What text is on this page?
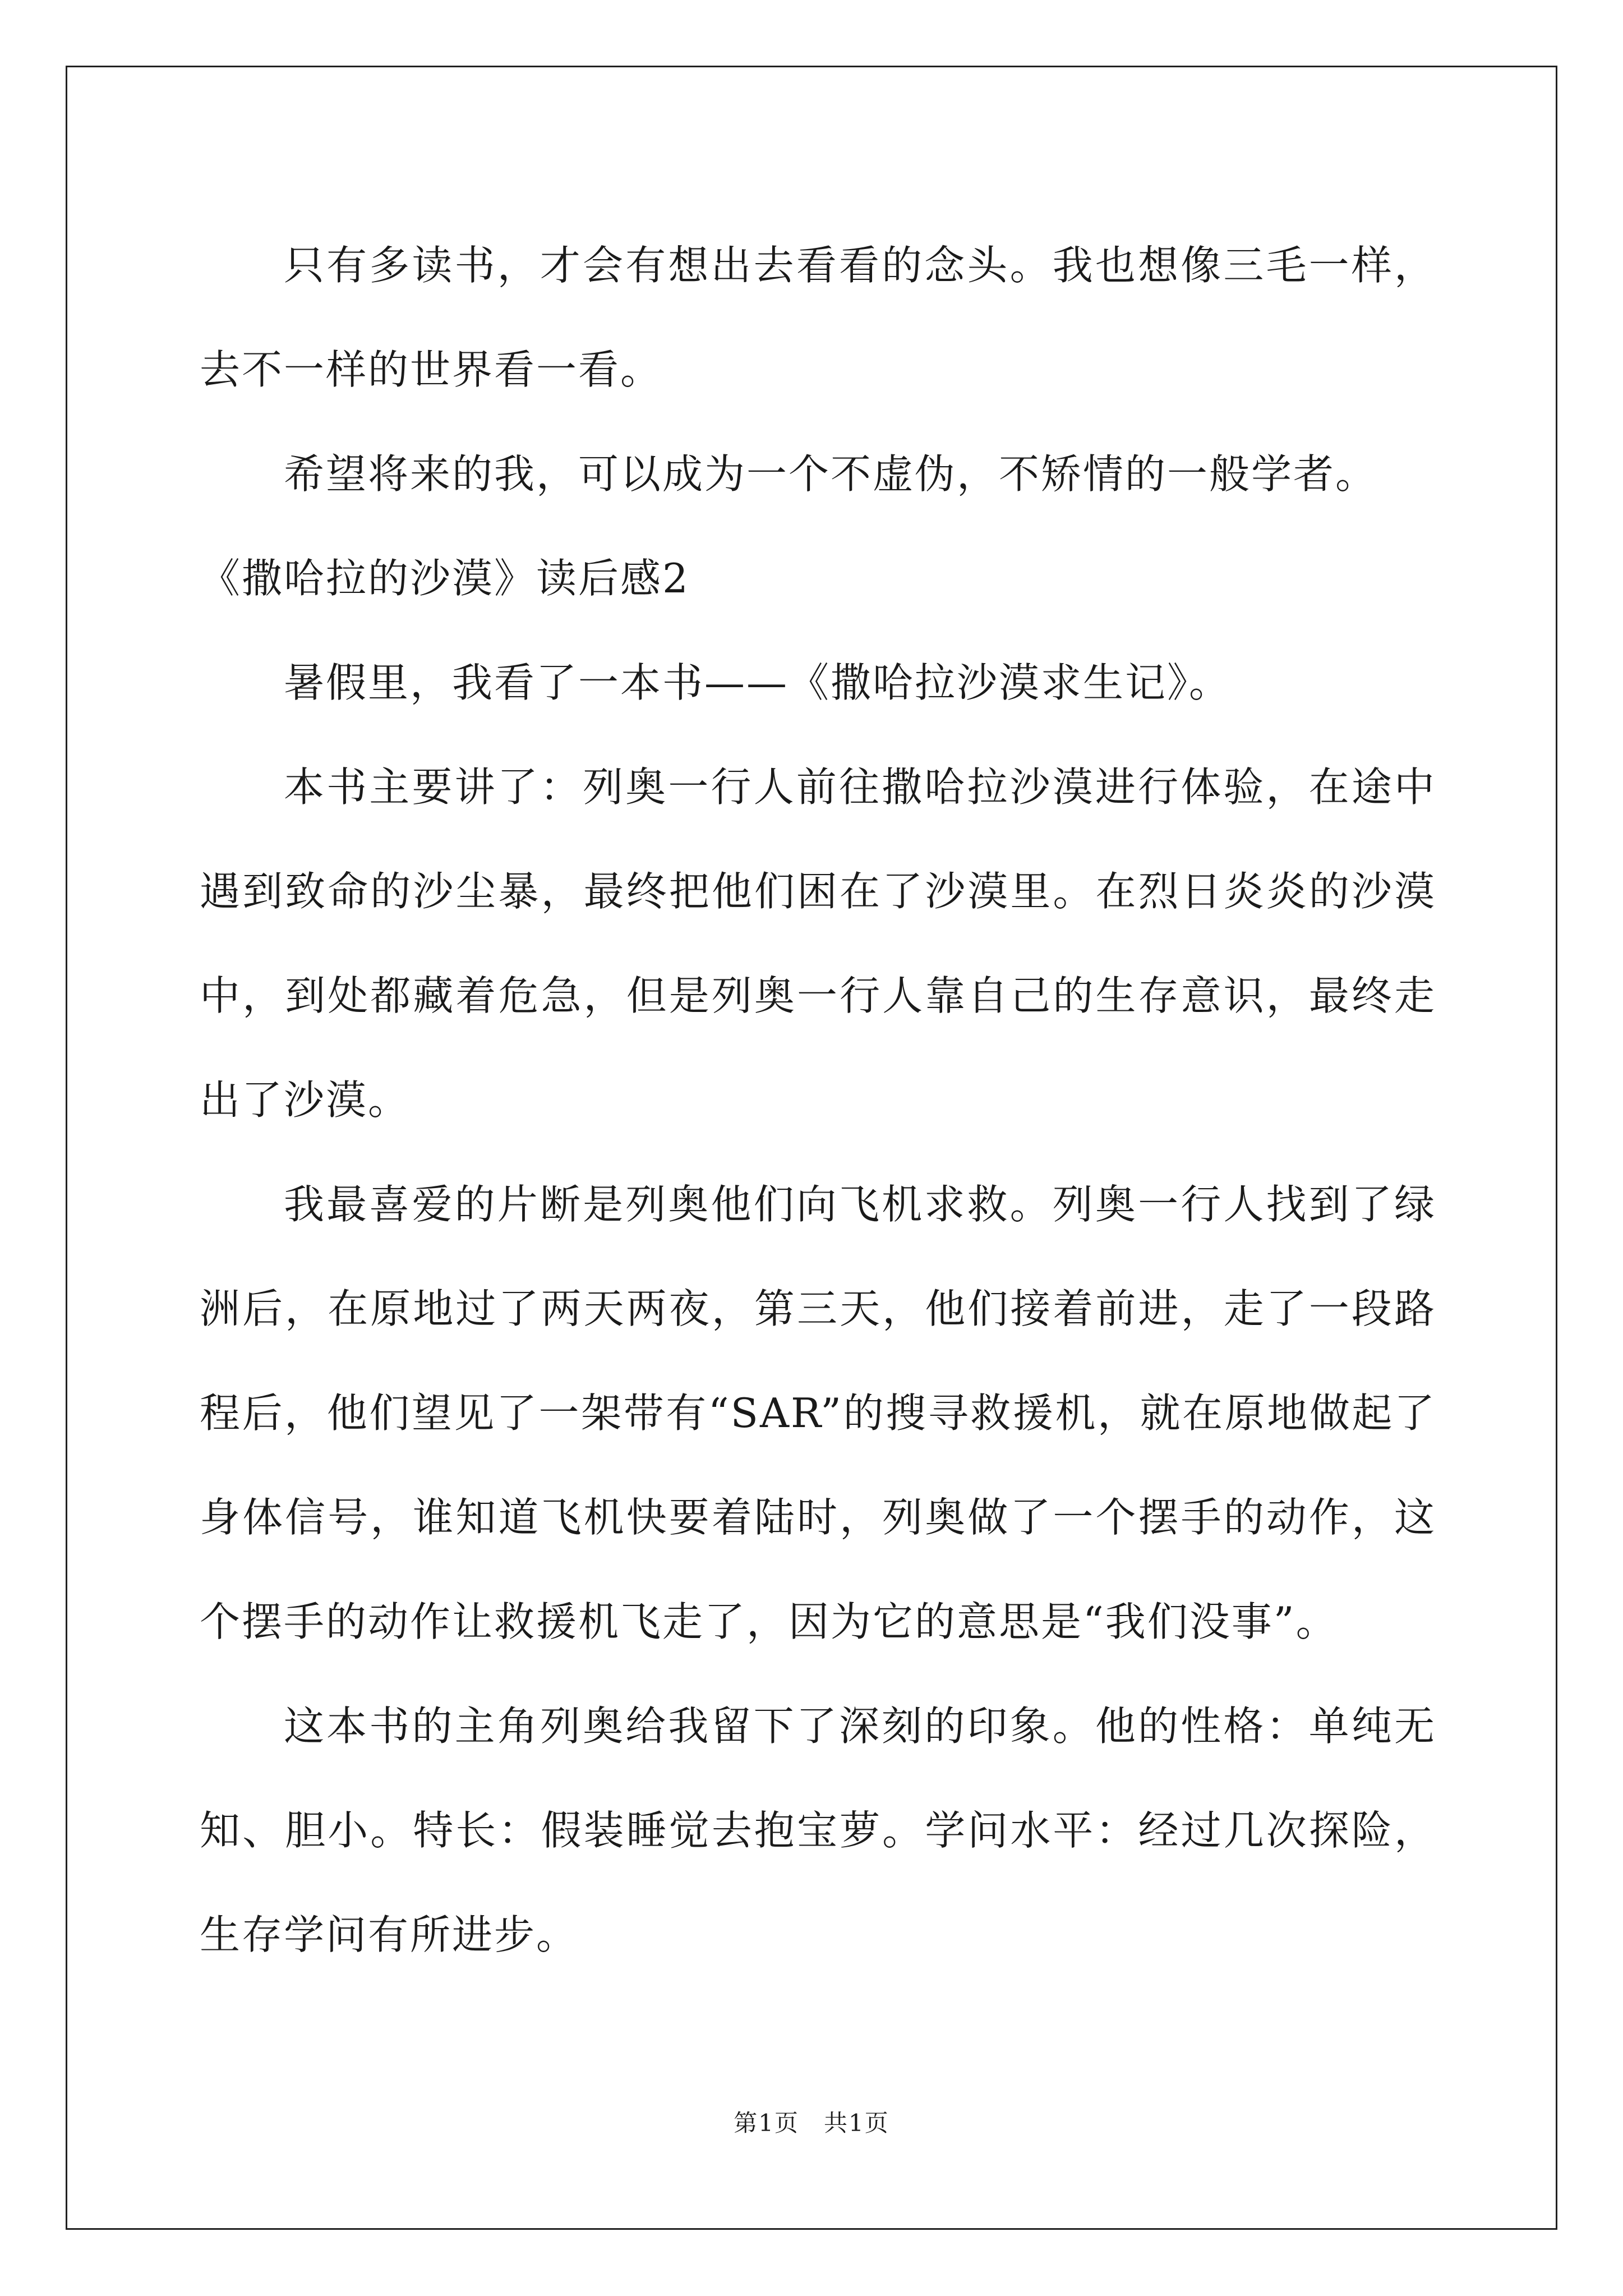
只有多读书，才会有想出去看看的念头。我也想像三毛一样，去不一样的世界看一看。

希望将来的我，可以成为一个不虚伪，不矫情的一般学者。

《撒哈拉的沙漠》读后感2

暑假里，我看了一本书——《撒哈拉沙漠求生记》。

本书主要讲了：列奥一行人前往撒哈拉沙漠进行体验，在途中遇到致命的沙尘暴，最终把他们困在了沙漠里。在烈日炎炎的沙漠中，到处都藏着危急，但是列奥一行人靠自己的生存意识，最终走出了沙漠。

我最喜爱的片断是列奥他们向飞机求救。列奥一行人找到了绿洲后，在原地过了两天两夜，第三天，他们接着前进，走了一段路程后，他们望见了一架带有“SAR”的搜寻救援机，就在原地做起了身体信号，谁知道飞机快要着陆时，列奥做了一个摆手的动作，这个摆手的动作让救援机飞走了，因为它的意思是“我们没事”。

这本书的主角列奥给我留下了深刻的印象。他的性格：单纯无知、胆小。特长：假装睡觉去抱宝萝。学问水平：经过几次探险，生存学问有所进步。

第1页　共1页
